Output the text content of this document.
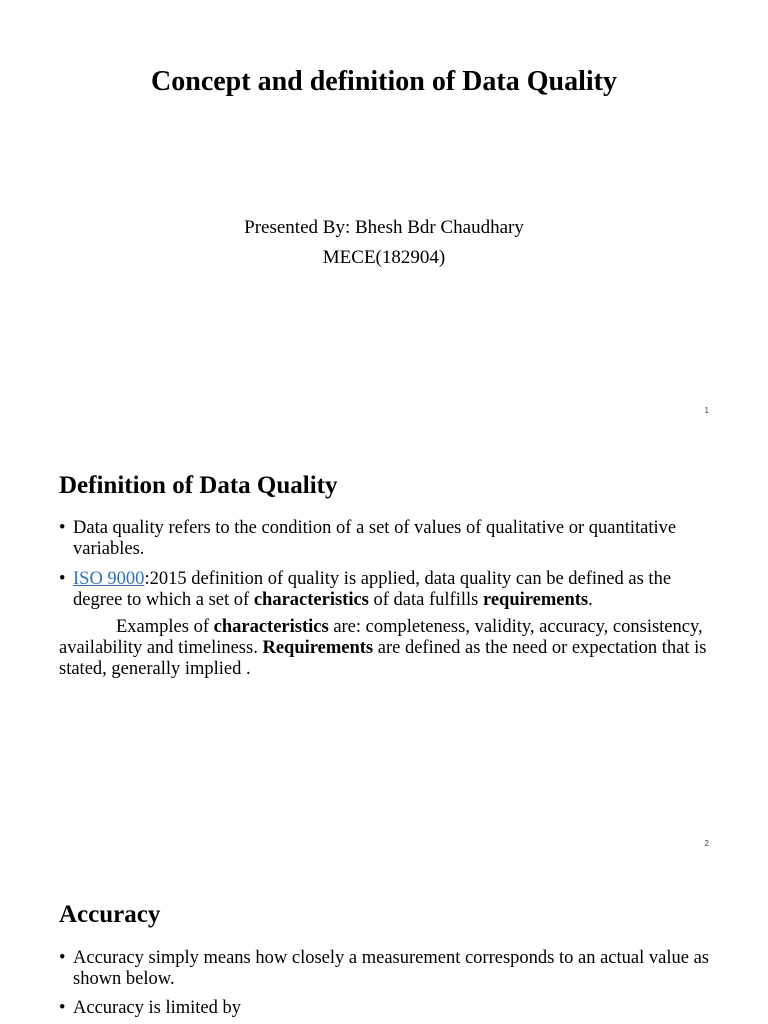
Concept and definition of Data Quality
Presented By: Bhesh Bdr Chaudhary
MECE(182904)
1
Definition of Data Quality

• Data quality refers to the condition of a set of values of qualitative or quantitative variables.

• ISO 9000:2015 definition of quality is applied, data quality can be defined as the degree to which a set of characteristics of data fulfills requirements.

Examples of characteristics are: completeness, validity, accuracy, consistency, availability and timeliness. Requirements are defined as the need or expectation that is stated, generally implied .

2
Accuracy

• Accuracy simply means how closely a measurement corresponds to an actual value as shown below.

• Accuracy is limited by
